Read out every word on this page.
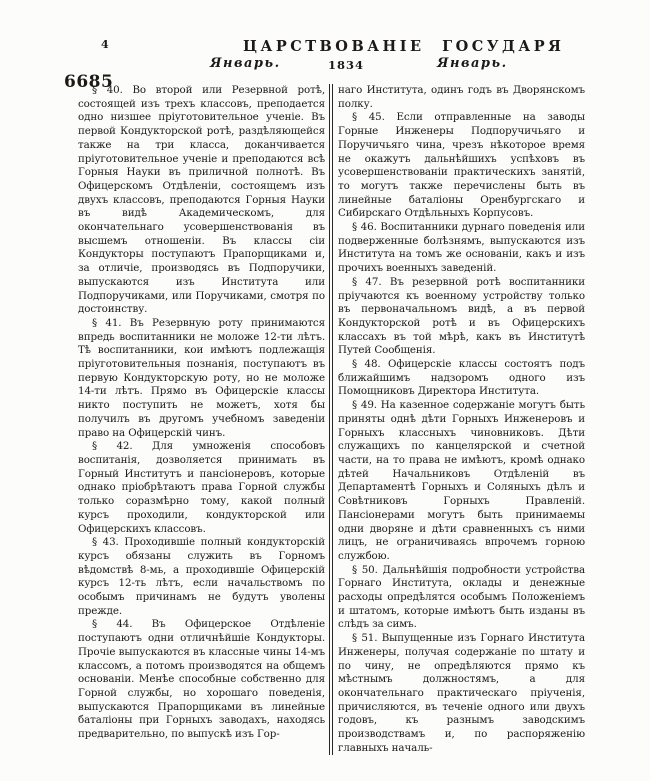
4	ЦАРСТВОВАНІЕ ГОСУДАРЯ
Январь.	1834	Январь.
6685

§ 40. Во второй или Резервной ротѣ, состоящей изъ трехъ классовъ, преподается одно низшее пріуготовительное ученіе. Въ первой Кондукторской ротѣ, раздѣляющейся также на три класса, доканчивается пріуготовительное ученіе и преподаются всѣ Горныя Науки въ приличной полнотѣ. Въ Офицерскомъ Отдѣленіи, состоящемъ изъ двухъ классовъ, преподаются Горныя Науки въ видѣ Академическомъ, для окончательнаго усовершенствованія въ высшемъ отношеніи. Въ классы сіи Кондукторы поступаютъ Прапорщиками и, за отличіе, производясь въ Подпоручики, выпускаются изъ Института или Подпоручиками, или Поручиками, смотря по достоинству.

§ 41. Въ Резервную роту принимаются впредь воспитанники не моложе 12-ти лѣтъ. Тѣ воспитанники, кои имѣютъ подлежащія пріуготовительныя познанія, поступаютъ въ первую Кондукторскую роту, но не моложе 14-ти лѣтъ. Прямо въ Офицерскіе классы никто поступить не можетъ, хотя бы получилъ въ другомъ учебномъ заведеніи право на Офицерскій чинъ.

§ 42. Для умноженія способовъ воспитанія, дозволяется принимать въ Горный Институтъ и пансіонеровъ, которые однако пріобрѣтаютъ права Горной службы только соразмѣрно тому, какой полный курсъ проходили, кондукторской или Офицерскихъ классовъ.

§ 43. Проходившіе полный кондукторскій курсъ обязаны служить въ Горномъ вѣдомствѣ 8-мь, а проходившіе Офицерскій курсъ 12-ть лѣтъ, если начальствомъ по особымъ причинамъ не будутъ уволены прежде.

§ 44. Въ Офицерское Отдѣленіе поступаютъ одни отличнѣйшіе Кондукторы. Прочіе выпускаются въ классные чины 14-мъ классомъ, а потомъ производятся на общемъ основаніи. Менѣе способные собственно для Горной службы, но хорошаго поведенія, выпускаются Прапорщиками въ линейные баталіоны при Горныхъ заводахъ, находясь предварительно, по выпускѣ изъ Гор-

наго Института, одинъ годъ въ Дворянскомъ полку.

§ 45. Если отправленные на заводы Горные Инженеры Подпоручичьяго и Поручичьяго чина, чрезъ нѣкоторое время не окажутъ дальнѣйшихъ успѣховъ въ усовершенствованіи практическихъ занятій, то могутъ также перечислены быть въ линейные баталіоны Оренбургскаго и Сибирскаго Отдѣльныхъ Корпусовъ.

§ 46. Воспитанники дурнаго поведенія или подверженные болѣзнямъ, выпускаются изъ Института на томъ же основаніи, какъ и изъ прочихъ военныхъ заведеній.

§ 47. Въ резервной ротѣ воспитанники пріучаются къ военному устройству только въ первоначальномъ видѣ, а въ первой Кондукторской ротѣ и въ Офицерскихъ классахъ въ той мѣрѣ, какъ въ Институтѣ Путей Сообщенія.

§ 48. Офицерскіе классы состоятъ подъ ближайшимъ надзоромъ одного изъ Помощниковъ Директора Института.

§ 49. На казенное содержаніе могутъ быть приняты однѣ дѣти Горныхъ Инженеровъ и Горныхъ классныхъ чиновниковъ. Дѣти служащихъ по канцелярской и счетной части, на то права не имѣютъ, кромѣ однако дѣтей Начальниковъ Отдѣленій въ Департаментѣ Горныхъ и Соляныхъ дѣлъ и Совѣтниковъ Горныхъ Правленій. Пансіонерами могутъ быть принимаемы одни дворяне и дѣти сравненныхъ съ ними лицъ, не ограничиваясь впрочемъ горною службою.

§ 50. Дальнѣйшія подробности устройства Горнаго Института, оклады и денежные расходы опредѣлятся особымъ Положеніемъ и штатомъ, которые имѣютъ быть изданы въ слѣдъ за симъ.

§ 51. Выпущенные изъ Горнаго Института Инженеры, получая содержаніе по штату и по чину, не опредѣляются прямо къ мѣстнымъ должностямъ, а для окончательнаго практическаго пріученія, причисляются, въ теченіе одного или двухъ годовъ, къ разнымъ заводскимъ производствамъ и, по распоряженію главныхъ началь-
